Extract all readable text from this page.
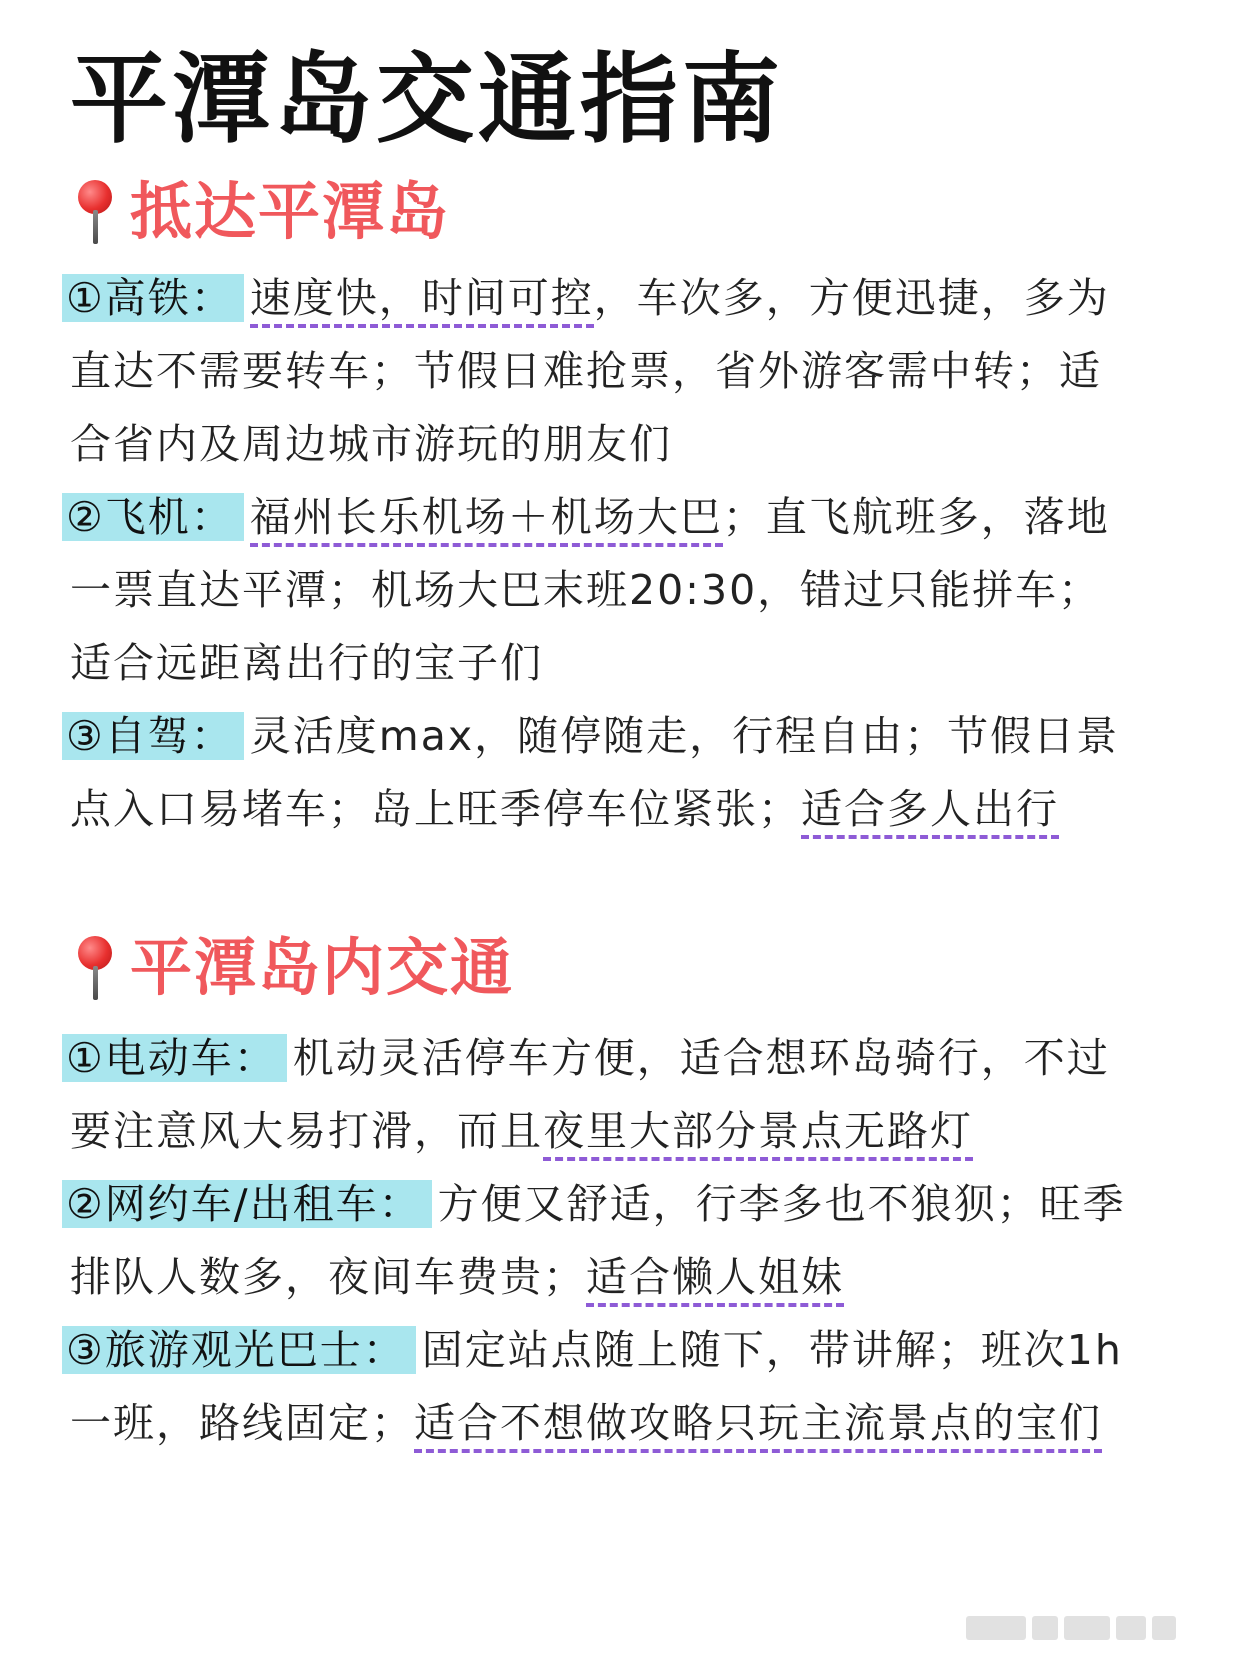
平潭岛交通指南
抵达平潭岛
①高铁： 速度快，时间可控，车次多，方便迅捷，多为
直达不需要转车；节假日难抢票，省外游客需中转；适
合省内及周边城市游玩的朋友们
②飞机： 福州长乐机场＋机场大巴；直飞航班多，落地
一票直达平潭；机场大巴末班20:30，错过只能拼车；
适合远距离出行的宝子们
③自驾： 灵活度max，随停随走，行程自由；节假日景
点入口易堵车；岛上旺季停车位紧张；适合多人出行
平潭岛内交通
①电动车： 机动灵活停车方便，适合想环岛骑行，不过
要注意风大易打滑，而且夜里大部分景点无路灯
②网约车/出租车： 方便又舒适，行李多也不狼狈；旺季
排队人数多，夜间车费贵；适合懒人姐妹
③旅游观光巴士： 固定站点随上随下，带讲解；班次1h
一班，路线固定；适合不想做攻略只玩主流景点的宝们
